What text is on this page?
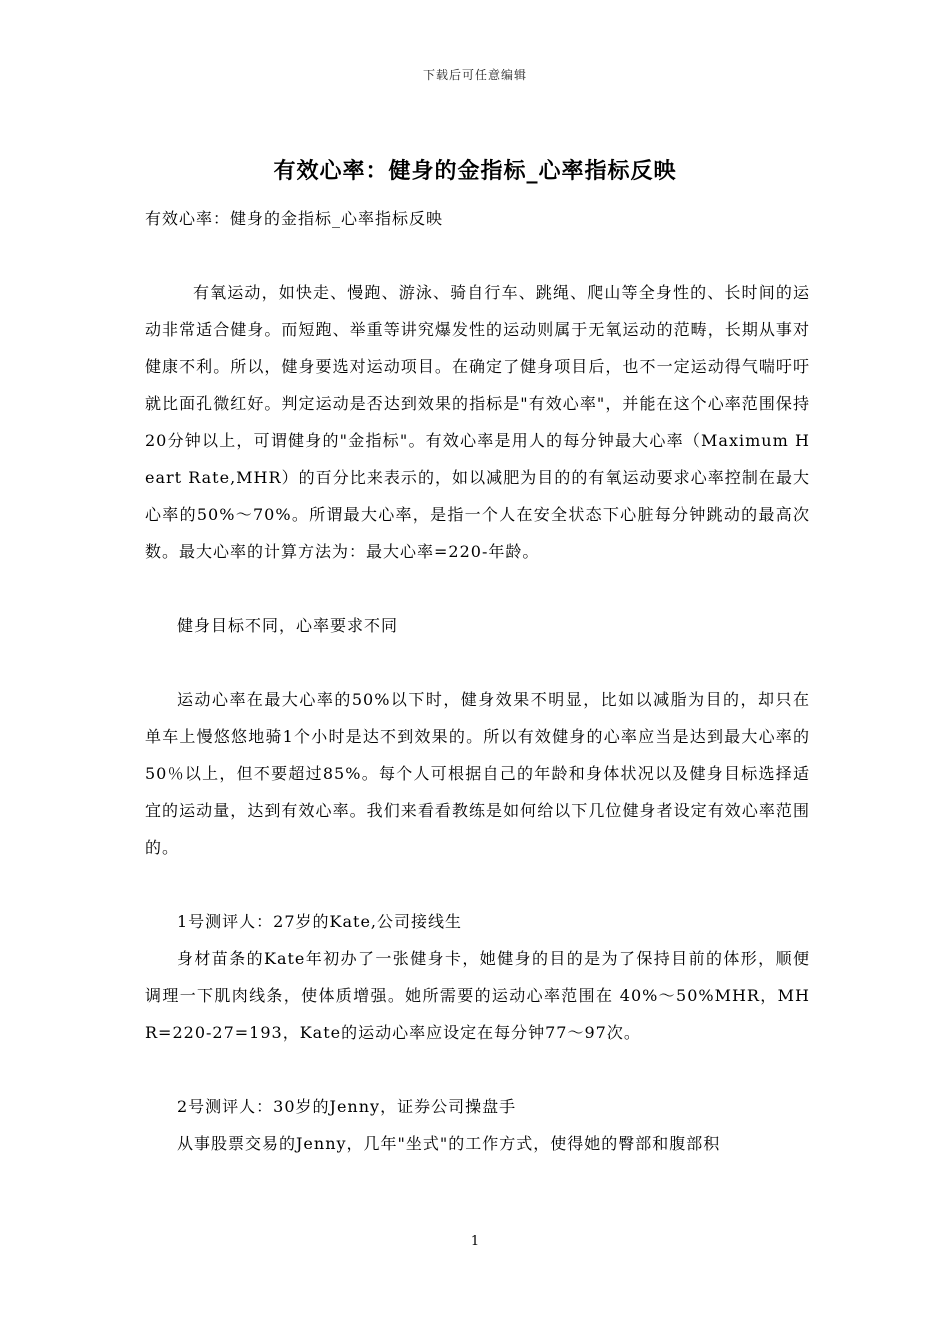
下载后可任意编辑
有效心率：健身的金指标_心率指标反映

有效心率：健身的金指标_心率指标反映

有氧运动，如快走、慢跑、游泳、骑自行车、跳绳、爬山等全身性的、长时间的运动非常适合健身。而短跑、举重等讲究爆发性的运动则属于无氧运动的范畴，长期从事对健康不利。所以，健身要选对运动项目。在确定了健身项目后，也不一定运动得气喘吁吁就比面孔微红好。判定运动是否达到效果的指标是"有效心率"，并能在这个心率范围保持20分钟以上，可谓健身的"金指标"。有效心率是用人的每分钟最大心率（Maximum Heart Rate,MHR）的百分比来表示的，如以减肥为目的的有氧运动要求心率控制在最大心率的50%～70%。所谓最大心率，是指一个人在安全状态下心脏每分钟跳动的最高次数。最大心率的计算方法为：最大心率=220-年龄。

健身目标不同，心率要求不同

运动心率在最大心率的50%以下时，健身效果不明显，比如以减脂为目的，却只在单车上慢悠悠地骑1个小时是达不到效果的。所以有效健身的心率应当是达到最大心率的50％以上，但不要超过85%。每个人可根据自己的年龄和身体状况以及健身目标选择适宜的运动量，达到有效心率。我们来看看教练是如何给以下几位健身者设定有效心率范围的。

1号测评人：27岁的Kate,公司接线生

身材苗条的Kate年初办了一张健身卡，她健身的目的是为了保持目前的体形，顺便调理一下肌肉线条，使体质增强。她所需要的运动心率范围在 40%～50%MHR，MHR=220-27=193，Kate的运动心率应设定在每分钟77～97次。

2号测评人：30岁的Jenny，证券公司操盘手

从事股票交易的Jenny，几年"坐式"的工作方式，使得她的臀部和腹部积

1
